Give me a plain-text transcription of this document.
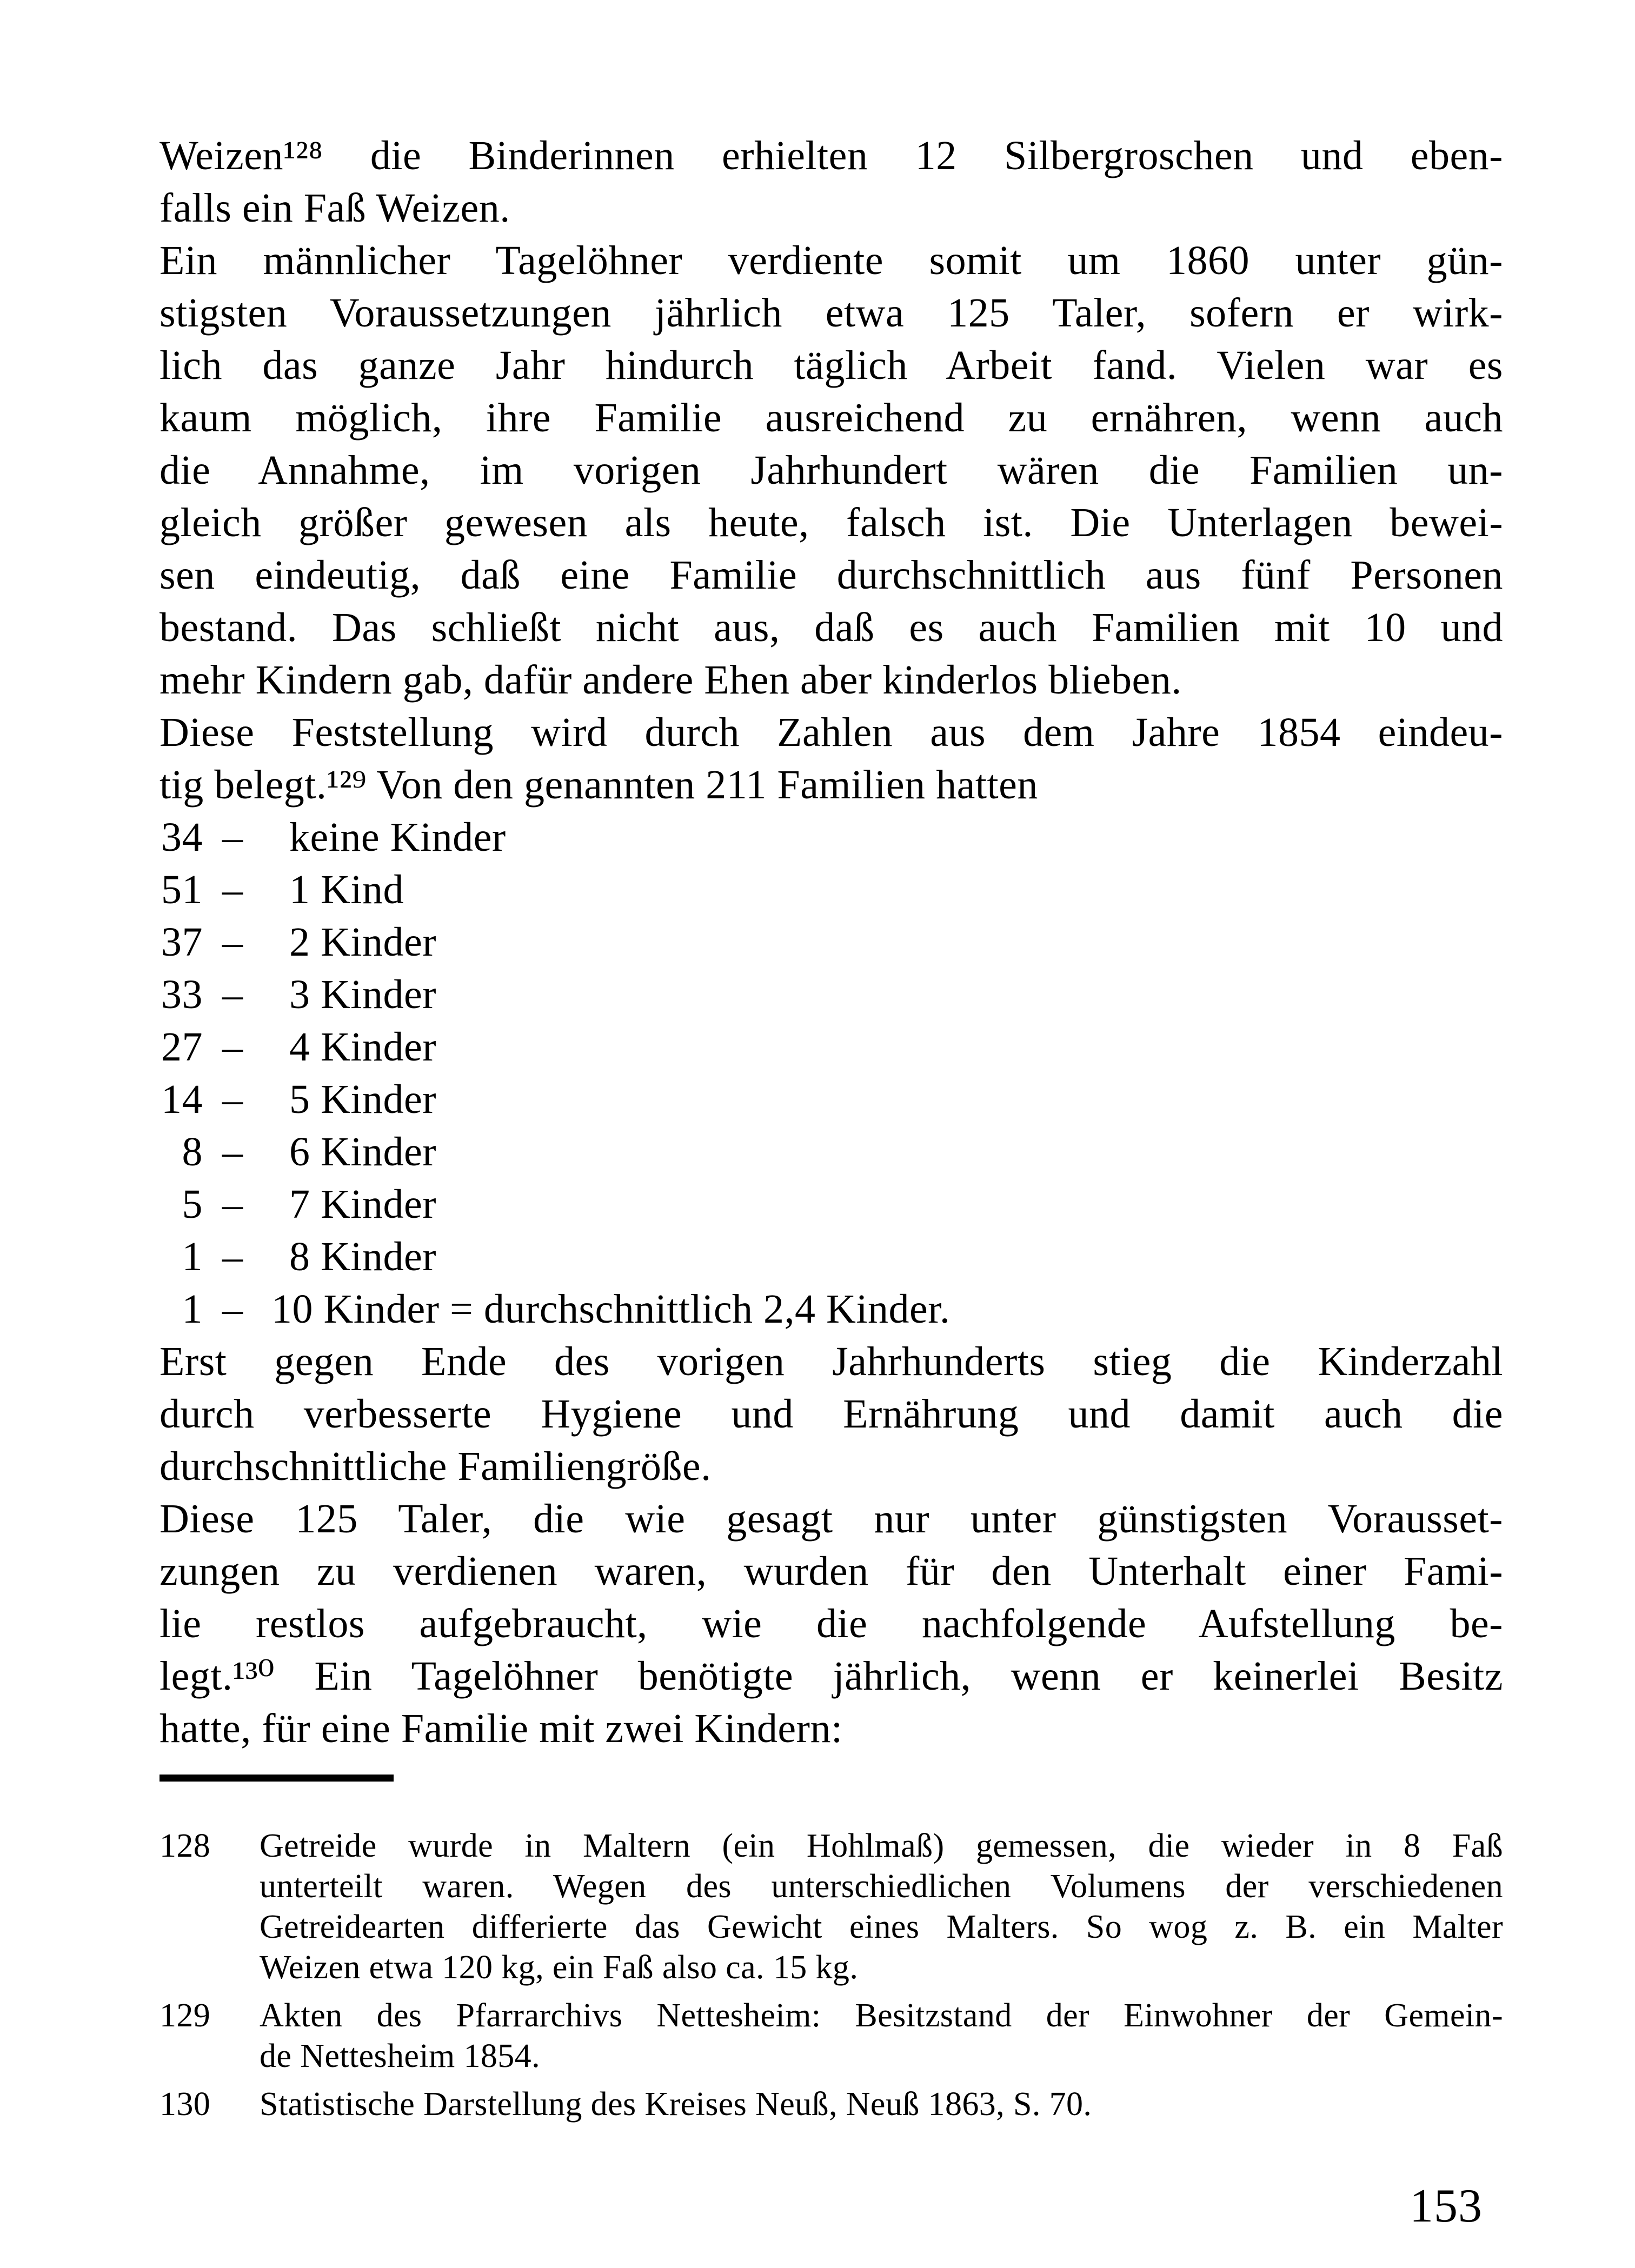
Weizen¹²⁸ die Binderinnen erhielten 12 Silbergroschen und eben-
falls ein Faß Weizen.
Ein männlicher Tagelöhner verdiente somit um 1860 unter gün-
stigsten Voraussetzungen jährlich etwa 125 Taler, sofern er wirk-
lich das ganze Jahr hindurch täglich Arbeit fand. Vielen war es
kaum möglich, ihre Familie ausreichend zu ernähren, wenn auch
die Annahme, im vorigen Jahrhundert wären die Familien un-
gleich größer gewesen als heute, falsch ist. Die Unterlagen bewei-
sen eindeutig, daß eine Familie durchschnittlich aus fünf Personen
bestand. Das schließt nicht aus, daß es auch Familien mit 10 und
mehr Kindern gab, dafür andere Ehen aber kinderlos blieben.
Diese Feststellung wird durch Zahlen aus dem Jahre 1854 eindeu-
tig belegt.¹²⁹ Von den genannten 211 Familien hatten
34 –	keine Kinder
51 –	1 Kind
37 –	2 Kinder
33 –	3 Kinder
27 –	4 Kinder
14 –	5 Kinder
8 –	6 Kinder
5 –	7 Kinder
1 –	8 Kinder
1 – 10 Kinder = durchschnittlich 2,4 Kinder.
Erst gegen Ende des vorigen Jahrhunderts stieg die Kinderzahl
durch verbesserte Hygiene und Ernährung und damit auch die
durchschnittliche Familiengröße.
Diese 125 Taler, die wie gesagt nur unter günstigsten Vorausset-
zungen zu verdienen waren, wurden für den Unterhalt einer Fami-
lie restlos aufgebraucht, wie die nachfolgende Aufstellung be-
legt.¹³⁰ Ein Tagelöhner benötigte jährlich, wenn er keinerlei Besitz
hatte, für eine Familie mit zwei Kindern:
128	Getreide wurde in Maltern (ein Hohlmaß) gemessen, die wieder in 8 Faß
unterteilt waren. Wegen des unterschiedlichen Volumens der verschiedenen
Getreidearten differierte das Gewicht eines Malters. So wog z. B. ein Malter
Weizen etwa 120 kg, ein Faß also ca. 15 kg.
129	Akten des Pfarrarchivs Nettesheim: Besitzstand der Einwohner der Gemein-
de Nettesheim 1854.
130	Statistische Darstellung des Kreises Neuß, Neuß 1863, S. 70.
153
